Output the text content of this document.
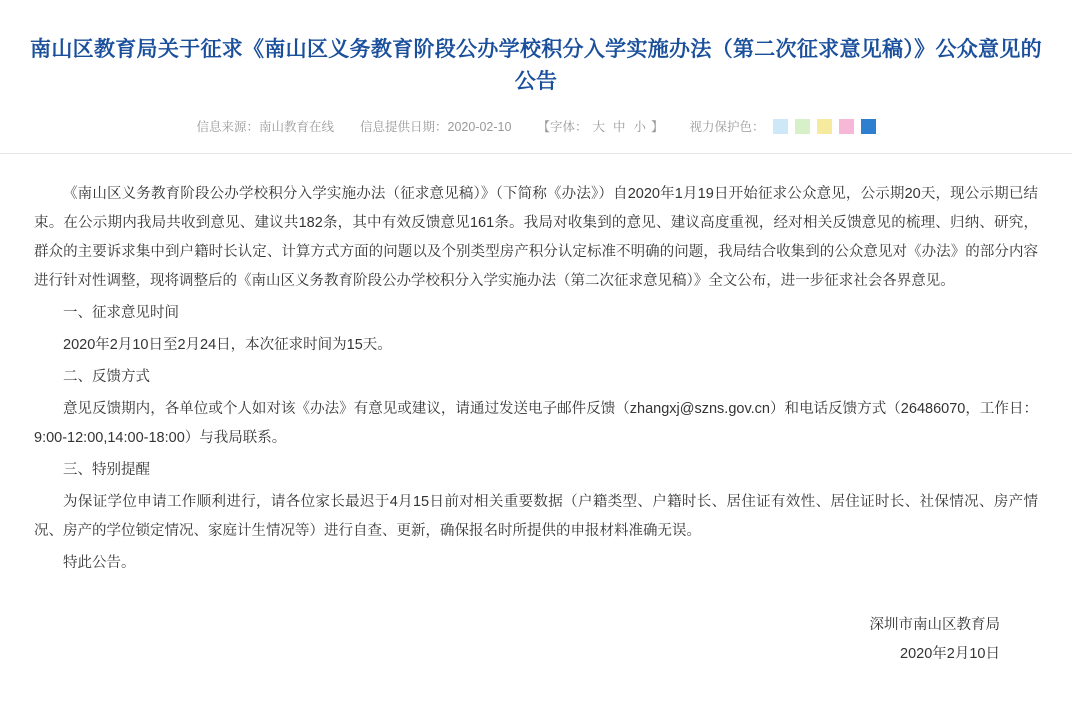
南山区教育局关于征求《南山区义务教育阶段公办学校积分入学实施办法（第二次征求意见稿）》公众意见的公告
信息来源：南山教育在线 信息提供日期：2020-02-10 【字体： 大 中 小 】 视力保护色：

《南山区义务教育阶段公办学校积分入学实施办法（征求意见稿）》（下简称《办法》）自2020年1月19日开始征求公众意见，公示期20天，现公示期已结束。在公示期内我局共收到意见、建议共182条，其中有效反馈意见161条。我局对收集到的意见、建议高度重视，经对相关反馈意见的梳理、归纳、研究，群众的主要诉求集中到户籍时长认定、计算方式方面的问题以及个别类型房产积分认定标准不明确的问题，我局结合收集到的公众意见对《办法》的部分内容进行针对性调整，现将调整后的《南山区义务教育阶段公办学校积分入学实施办法（第二次征求意见稿）》全文公布，进一步征求社会各界意见。

一、征求意见时间

2020年2月10日至2月24日，本次征求时间为15天。

二、反馈方式

意见反馈期内，各单位或个人如对该《办法》有意见或建议，请通过发送电子邮件反馈（zhangxj@szns.gov.cn）和电话反馈方式（26486070，工作日：9:00-12:00,14:00-18:00）与我局联系。

三、特别提醒

为保证学位申请工作顺利进行，请各位家长最迟于4月15日前对相关重要数据（户籍类型、户籍时长、居住证有效性、居住证时长、社保情况、房产情况、房产的学位锁定情况、家庭计生情况等）进行自查、更新，确保报名时所提供的申报材料准确无误。

特此公告。

深圳市南山区教育局
2020年2月10日
